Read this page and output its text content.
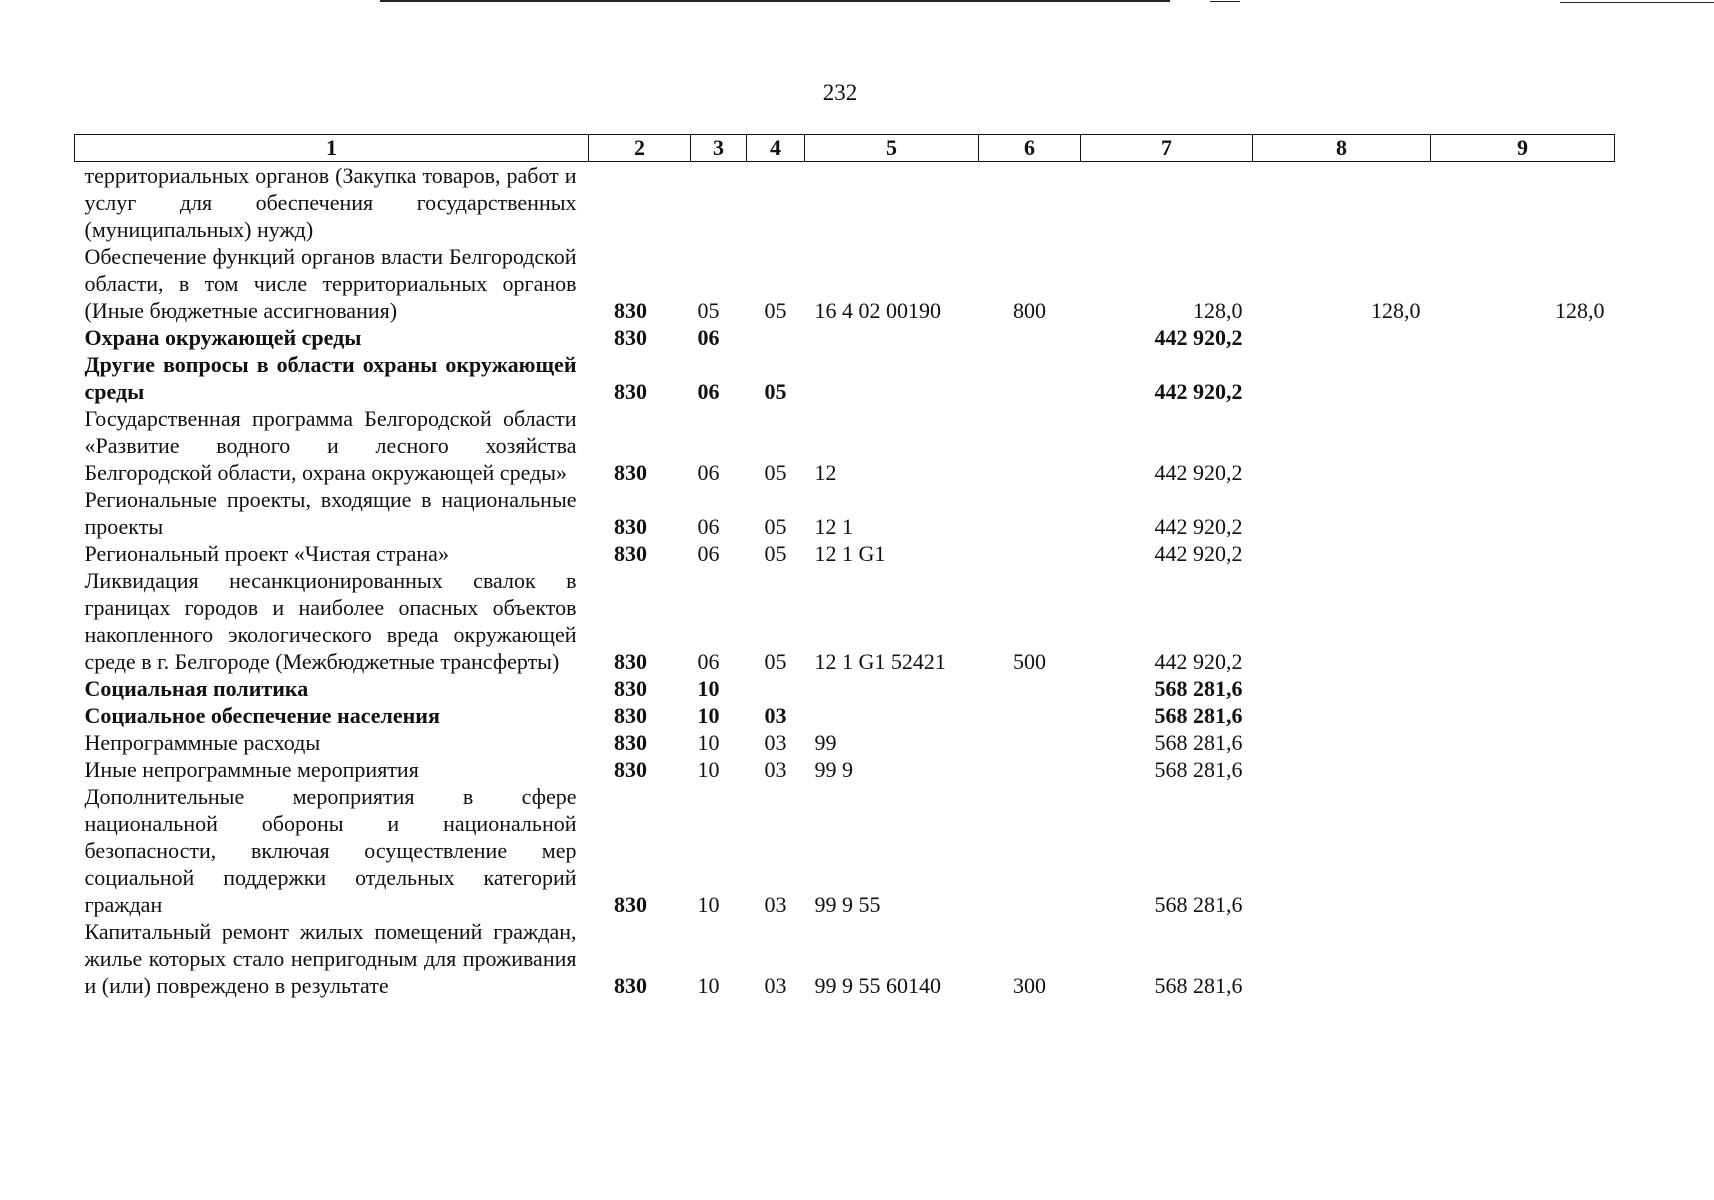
232
1	2	3	4	5	6	7	8	9
территориальных органов (Закупка товаров, работ и услуг для обеспечения государственных (муниципальных) нужд)								
Обеспечение функций органов власти Белгородской области, в том числе территориальных органов (Иные бюджетные ассигнования)	830	05	05	16 4 02 00190	800	128,0	128,0	128,0
Охрана окружающей среды	830	06				442 920,2		
Другие вопросы в области охраны окружающей среды	830	06	05			442 920,2		
Государственная программа Белгородской области «Развитие водного и лесного хозяйства Белгородской области, охрана окружающей среды»	830	06	05	12		442 920,2		
Региональные проекты, входящие в национальные проекты	830	06	05	12 1		442 920,2		
Региональный проект «Чистая страна»	830	06	05	12 1 G1		442 920,2		
Ликвидация несанкционированных свалок в границах городов и наиболее опасных объектов накопленного экологического вреда окружающей среде в г. Белгороде (Межбюджетные трансферты)	830	06	05	12 1 G1 52421	500	442 920,2		
Социальная политика	830	10				568 281,6		
Социальное обеспечение населения	830	10	03			568 281,6		
Непрограммные расходы	830	10	03	99		568 281,6		
Иные непрограммные мероприятия	830	10	03	99 9		568 281,6		
Дополнительные мероприятия в сфере национальной обороны и национальной безопасности, включая осуществление мер социальной поддержки отдельных категорий граждан	830	10	03	99 9 55		568 281,6		
Капитальный ремонт жилых помещений граждан, жилье которых стало непригодным для проживания и (или) повреждено в результате	830	10	03	99 9 55 60140	300	568 281,6		
